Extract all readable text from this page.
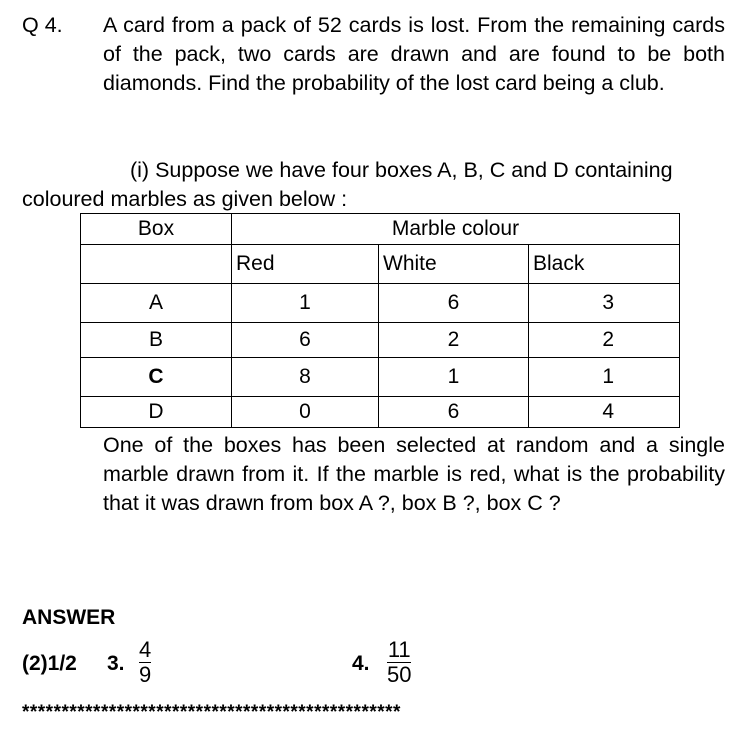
Q 4. A card from a pack of 52 cards is lost. From the remaining cards of the pack, two cards are drawn and are found to be both diamonds. Find the probability of the lost card being a club.
(i) Suppose we have four boxes A, B, C and D containing
coloured marbles as given below :
Box	Marble colour		
	Red	White	Black
A	1	6	3
B	6	2	2
C	8	1	1
D	0	6	4
One of the boxes has been selected at random and a single marble drawn from it. If the marble is red, what is the probability that it was drawn from box A ?, box B ?, box C ?
ANSWER
(2)1/2 3. $\frac{4}{9}$	4. $\frac{11}{50}$
************************************************
